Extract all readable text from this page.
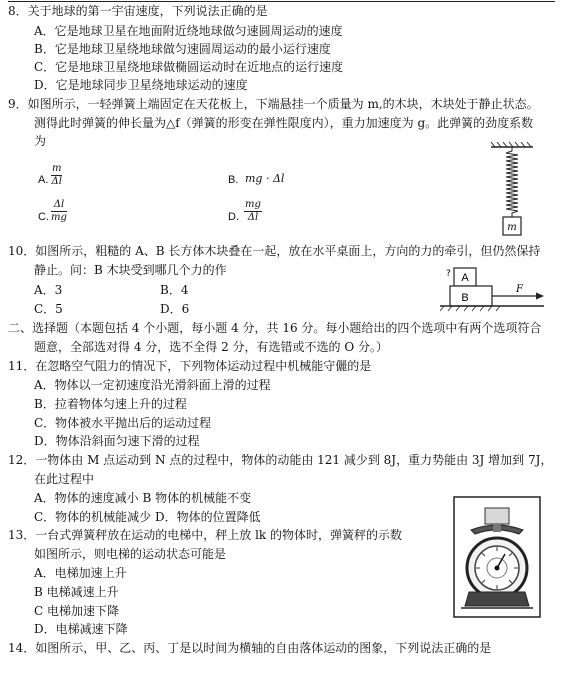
8．关于地球的第一宇宙速度，下列说法正确的是
A．它是地球卫星在地面附近绕地球做匀速圆周运动的速度
B．它是地球卫星绕地球做匀速圆周运动的最小运行速度
C．它是地球卫星绕地球做椭圆运动时在近地点的运行速度
D．它是地球同步卫星绕地球运动的速度
9．如图所示，一轻弹簧上端固定在天花板上，下端悬挂一个质量为 m,的木块，木块处于静止状态。
测得此时弹簧的伸长量为△f（弹簧的形变在弹性限度内），重力加速度为 g。此弹簧的劲度系数
为
A. $\frac{m}{\Delta l}$	B. mg · Δl
C. $\frac{\Delta l}{mg}$	D. $\frac{mg}{\Delta l}$
m
10．如图所示，粗糙的 A、B 长方体木块叠在一起，放在水平桌面上，方向的力的牵引，但仍然保持
静止。问：B 木块受到哪几个力的作
A．3	B．4
C．5	D．6
? A
B
F
二、选择题（本题包括 4 个小题，每小题 4 分，共 16 分。每小题给出的四个选项中有两个选项符合
题意，全部选对得 4 分，选不全得 2 分，有选错或不选的 O 分。）
11．在忽略空气阻力的情况下，下列物体运动过程中机械能守儷的是
A．物体以一定初速度沿光滑斜面上滑的过程
B．拉着物体匀速上升的过程
C．物体被水平抛出后的运动过程
D．物体沿斜面匀速下滑的过程
12．一物体由 M 点运动到 N 点的过程中，物体的动能由 121 减少到 8J，重力势能由 3J 增加到 7J，
在此过程中
A．物体的速度减小 B 物体的机械能不变
C．物体的机械能减少 D．物体的位置降低
13．一台式弹簧秤放在运动的电梯中，秤上放 lk 的物体时，弹簧秤的示数
如图所示，则电梯的运动状态可能是
A．电梯加速上升
B 电梯减速上升
C 电梯加速下降
D．电梯减速下降
14．如图所示，甲、乙、丙、丁是以时间为横轴的自由落体运动的图象，下列说法正确的是
